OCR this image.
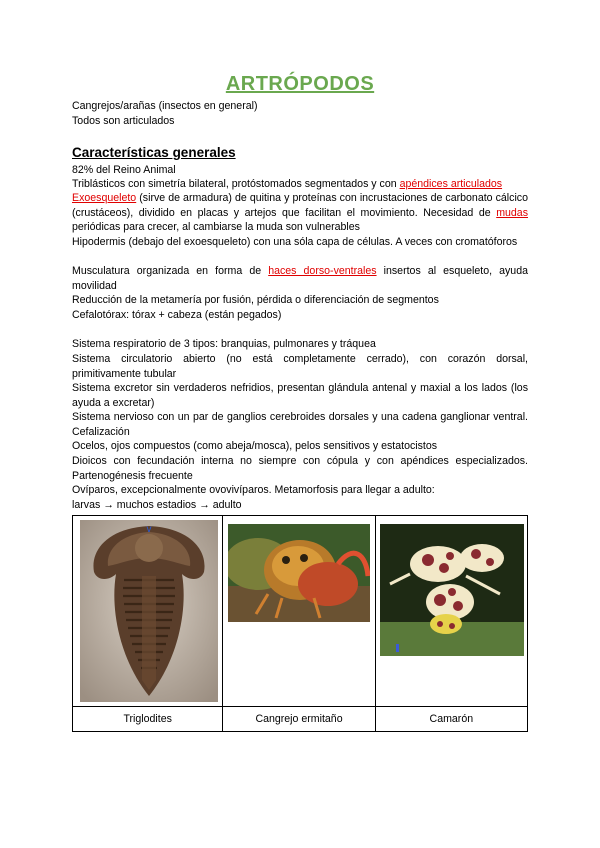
ARTRÓPODOS
Cangrejos/arañas (insectos en general)
Todos son articulados
Características generales
82% del Reino Animal
Triblásticos con simetría bilateral, protóstomados segmentados y con apéndices articulados
Exoesqueleto (sirve de armadura) de quitina y proteínas con incrustaciones de carbonato cálcico (crustáceos), dividido en placas y artejos que facilitan el movimiento. Necesidad de mudas periódicas para crecer, al cambiarse la muda son vulnerables
Hipodermis (debajo del exoesqueleto) con una sóla capa de células. A veces con cromatóforos
Musculatura organizada en forma de haces dorso-ventrales insertos al esqueleto, ayuda movilidad
Reducción de la metamería por fusión, pérdida o diferenciación de segmentos
Cefalotórax: tórax + cabeza (están pegados)
Sistema respiratorio de 3 tipos: branquias, pulmonares y tráquea
Sistema circulatorio abierto (no está completamente cerrado), con corazón dorsal, primitivamente tubular
Sistema excretor sin verdaderos nefridios, presentan glándula antenal y maxial a los lados (los ayuda a excretar)
Sistema nervioso con un par de ganglios cerebroides dorsales y una cadena ganglionar ventral. Cefalización
Ocelos, ojos compuestos (como abeja/mosca), pelos sensitivos y estatocistos
Dioicos con fecundación interna no siempre con cópula y con apéndices especializados. Partenogénesis frecuente
Ovíparos, excepcionalmente ovovivíparos. Metamorfosis para llegar a adulto:
larvas → muchos estadios → adulto
v

Triglodites	Cangrejo ermitaño	Camarón
